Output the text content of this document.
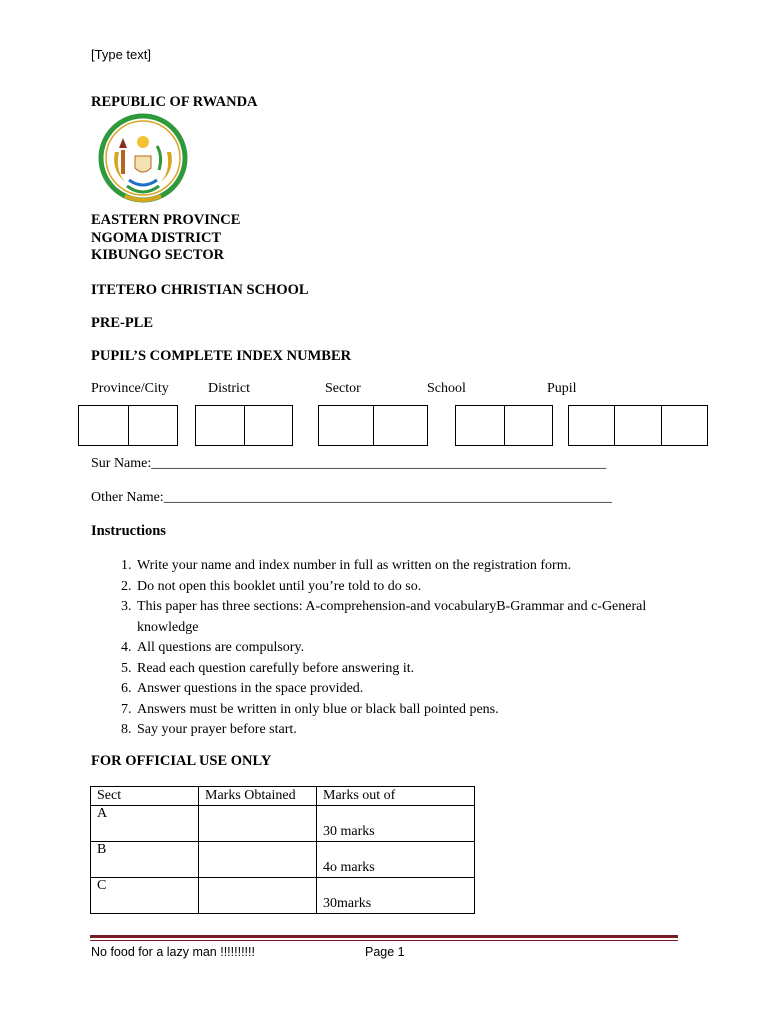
[Type text]
REPUBLIC OF RWANDA
EASTERN PROVINCE
NGOMA DISTRICT
KIBUNGO SECTOR
ITETERO CHRISTIAN SCHOOL
PRE-PLE
PUPIL’S COMPLETE INDEX NUMBER
Province/City	District	Sector	School	Pupil
Sur Name:_________________________________________________________________
Other Name:________________________________________________________________
Instructions
1. Write your name and index number in full as written on the registration form.
2. Do not open this booklet until you’re told to do so.
3. This paper has three sections: A-comprehension-and vocabularyB-Grammar and c-General knowledge
4. All questions are compulsory.
5. Read each question carefully before answering it.
6. Answer questions in the space provided.
7. Answers must be written in only blue or black ball pointed pens.
8. Say your prayer before start.
FOR OFFICIAL USE ONLY
Sect	Marks Obtained	Marks out of
A		30 marks

B		4o marks

C		30marks
No food for a lazy man !!!!!!!!!!	Page 1
